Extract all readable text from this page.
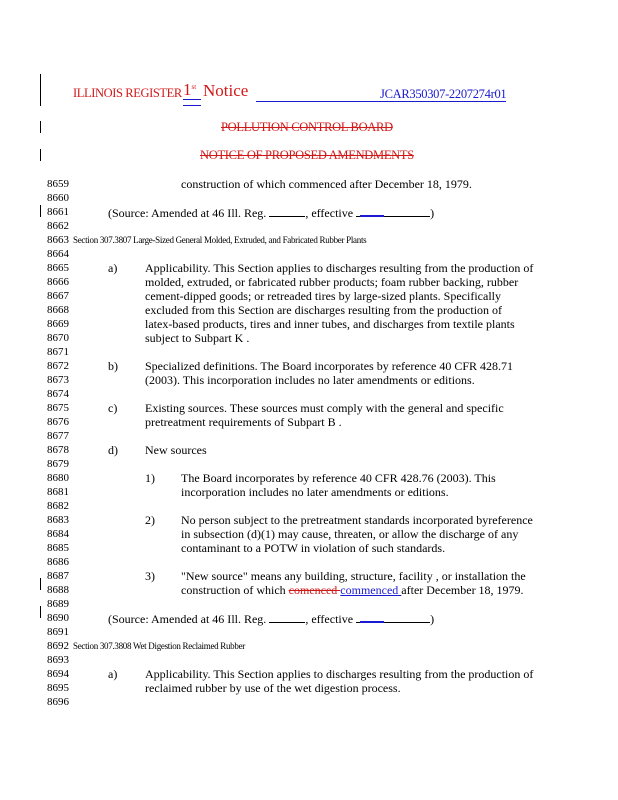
ILLINOIS REGISTER 1st Notice	JCAR350307-2207274r01
POLLUTION CONTROL BOARD
NOTICE OF PROPOSED AMENDMENTS
8659
8660
8661
8662
8663
8664
8665
8666
8667
8668
8669
8670
8671
8672
8673
8674
8675
8676
8677
8678
8679
8680
8681
8682
8683
8684
8685
8686
8687
8688
8689
8690
8691
8692
8693
8694
8695
8696
construction of which commenced after December 18, 1979.
(Source: Amended at 46 Ill. Reg.	, effective	)
Section 307.3807 Large-Sized General Molded, Extruded, and Fabricated Rubber Plants
a) Applicability. This Section applies to discharges resulting from the production of
molded, extruded, or fabricated rubber products; foam rubber backing, rubber
cement-dipped goods; or retreaded tires by large-sized plants. Specifically
excluded from this Section are discharges resulting from the production of
latex-based products, tires and inner tubes, and discharges from textile plants
subject to Subpart K .
b) Specialized definitions. The Board incorporates by reference 40 CFR 428.71
(2003). This incorporation includes no later amendments or editions.
c) Existing sources. These sources must comply with the general and specific
pretreatment requirements of Subpart B .
d) New sources
1) The Board incorporates by reference 40 CFR 428.76 (2003). This
incorporation includes no later amendments or editions.
2) No person subject to the pretreatment standards incorporated byreference
in subsection (d)(1) may cause, threaten, or allow the discharge of any
contaminant to a POTW in violation of such standards.
3) "New source" means any building, structure, facility , or installation the
construction of which comenced commenced after December 18, 1979.
(Source: Amended at 46 Ill. Reg.	, effective	)
Section 307.3808 Wet Digestion Reclaimed Rubber
a) Applicability. This Section applies to discharges resulting from the production of
reclaimed rubber by use of the wet digestion process.
